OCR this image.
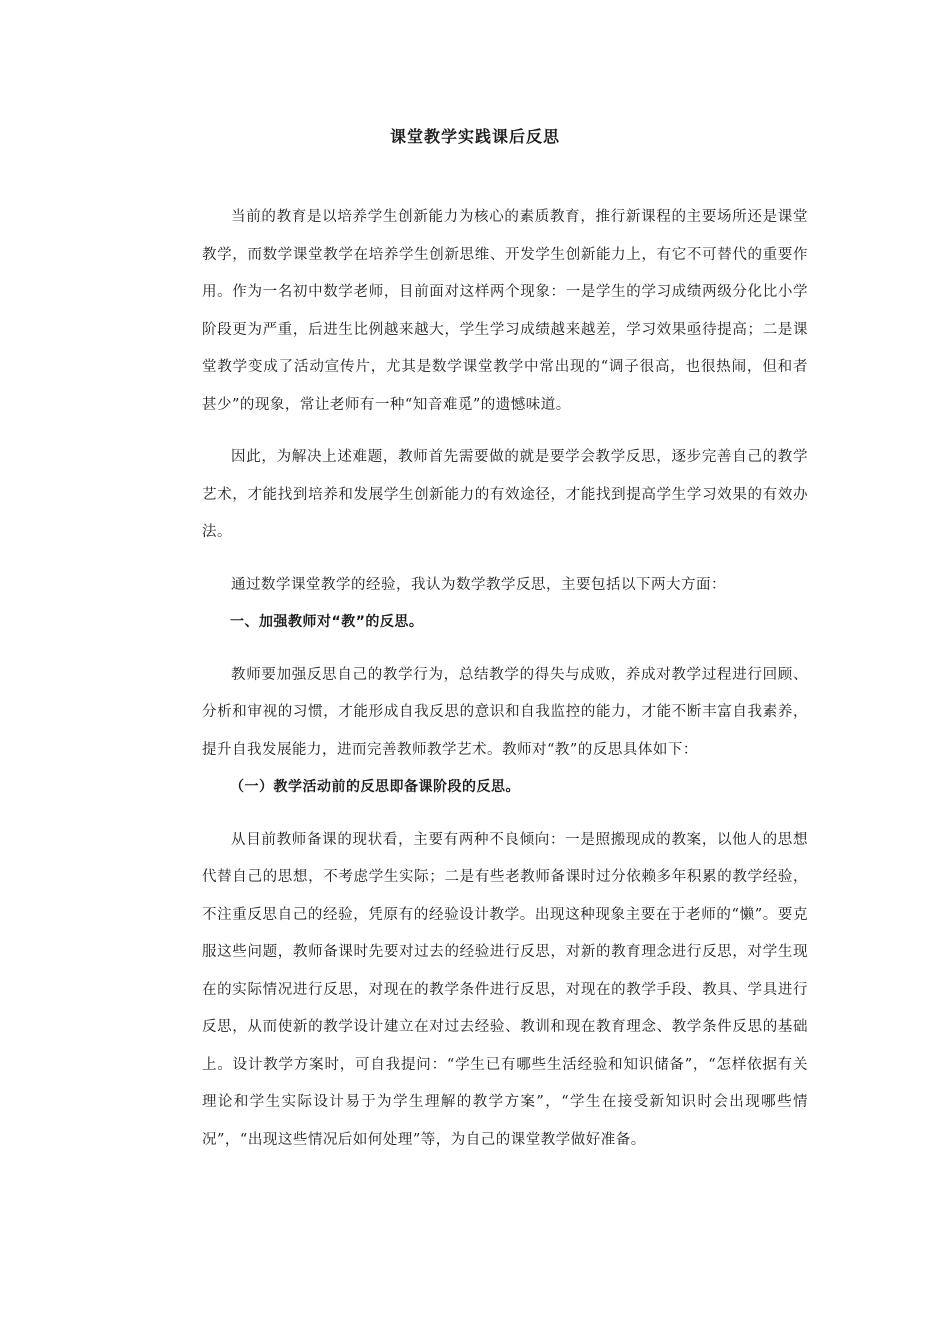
课堂教学实践课后反思

当前的教育是以培养学生创新能力为核心的素质教育，推行新课程的主要场所还是课堂教学，而数学课堂教学在培养学生创新思维、开发学生创新能力上，有它不可替代的重要作用。作为一名初中数学老师，目前面对这样两个现象：一是学生的学习成绩两级分化比小学阶段更为严重，后进生比例越来越大，学生学习成绩越来越差，学习效果亟待提高；二是课堂教学变成了活动宣传片，尤其是数学课堂教学中常出现的“调子很高，也很热闹，但和者甚少”的现象，常让老师有一种“知音难觅”的遗憾味道。

因此，为解决上述难题，教师首先需要做的就是要学会教学反思，逐步完善自己的教学艺术，才能找到培养和发展学生创新能力的有效途径，才能找到提高学生学习效果的有效办法。

通过数学课堂教学的经验，我认为数学教学反思，主要包括以下两大方面：

一、加强教师对“教”的反思。

教师要加强反思自己的教学行为，总结教学的得失与成败，养成对教学过程进行回顾、分析和审视的习惯，才能形成自我反思的意识和自我监控的能力，才能不断丰富自我素养，提升自我发展能力，进而完善教师教学艺术。教师对“教”的反思具体如下：

（一）教学活动前的反思即备课阶段的反思。

从目前教师备课的现状看，主要有两种不良倾向：一是照搬现成的教案，以他人的思想代替自己的思想，不考虑学生实际；二是有些老教师备课时过分依赖多年积累的教学经验，不注重反思自己的经验，凭原有的经验设计教学。出现这种现象主要在于老师的“懒”。要克服这些问题，教师备课时先要对过去的经验进行反思，对新的教育理念进行反思，对学生现在的实际情况进行反思，对现在的教学条件进行反思，对现在的教学手段、教具、学具进行反思，从而使新的教学设计建立在对过去经验、教训和现在教育理念、教学条件反思的基础上。设计教学方案时，可自我提问：“学生已有哪些生活经验和知识储备”，“怎样依据有关理论和学生实际设计易于为学生理解的教学方案”，“学生在接受新知识时会出现哪些情况”，“出现这些情况后如何处理”等，为自己的课堂教学做好准备。
